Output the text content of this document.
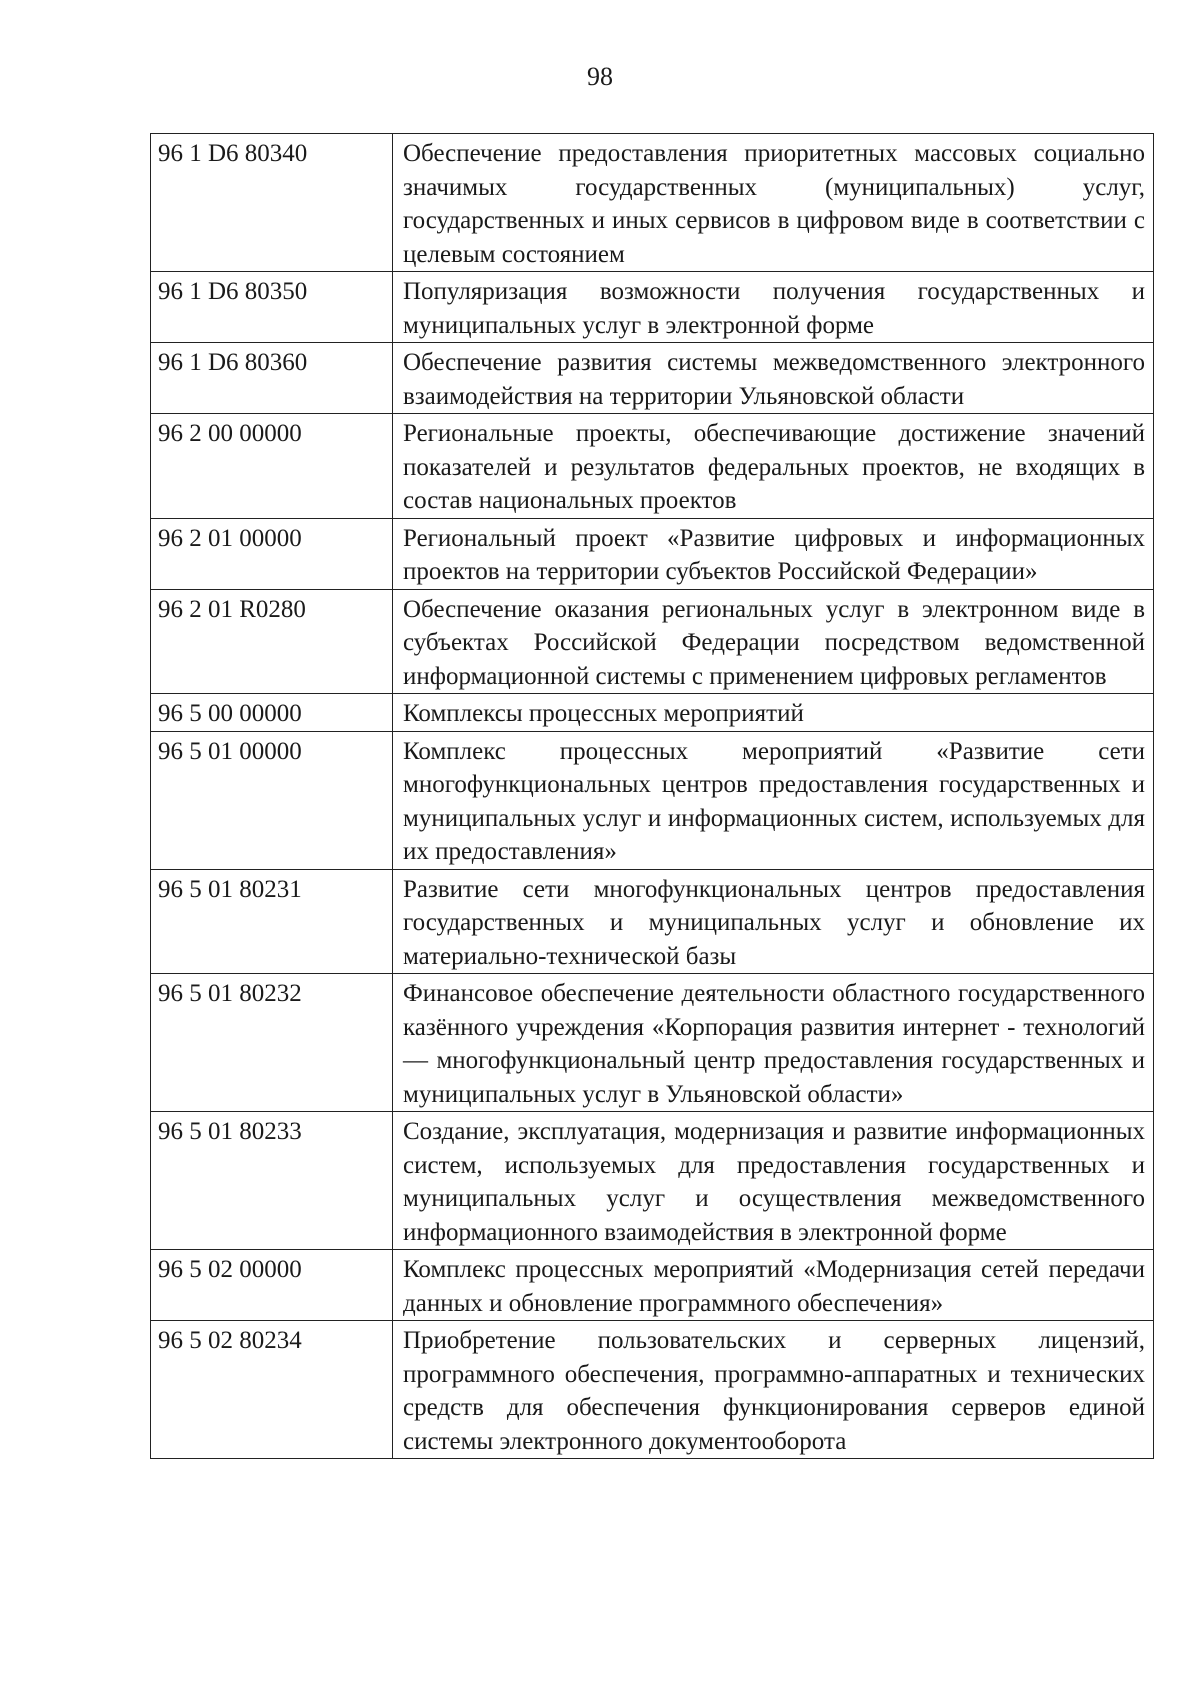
98
96 1 D6 80340	Обеспечение предоставления приоритетных массовых социально значимых государственных (муниципальных) услуг, государственных и иных сервисов в цифровом виде в соответствии с целевым состоянием
96 1 D6 80350	Популяризация возможности получения государственных и муниципальных услуг в электронной форме
96 1 D6 80360	Обеспечение развития системы межведомственного электронного взаимодействия на территории Ульяновской области
96 2 00 00000	Региональные проекты, обеспечивающие достижение значений показателей и результатов федеральных проектов, не входящих в состав национальных проектов
96 2 01 00000	Региональный проект «Развитие цифровых и информационных проектов на территории субъектов Российской Федерации»
96 2 01 R0280	Обеспечение оказания региональных услуг в электронном виде в субъектах Российской Федерации посредством ведомственной информационной системы с применением цифровых регламентов
96 5 00 00000	Комплексы процессных мероприятий
96 5 01 00000	Комплекс процессных мероприятий «Развитие сети многофункциональных центров предоставления государственных и муниципальных услуг и информационных систем, используемых для их предоставления»
96 5 01 80231	Развитие сети многофункциональных центров предоставления государственных и муниципальных услуг и обновление их материально-технической базы
96 5 01 80232	Финансовое обеспечение деятельности областного государственного казённого учреждения «Корпорация развития интернет - технологий — многофункциональный центр предоставления государственных и муниципальных услуг в Ульяновской области»
96 5 01 80233	Создание, эксплуатация, модернизация и развитие информационных систем, используемых для предоставления государственных и муниципальных услуг и осуществления межведомственного информационного взаимодействия в электронной форме
96 5 02 00000	Комплекс процессных мероприятий «Модернизация сетей передачи данных и обновление программного обеспечения»
96 5 02 80234	Приобретение пользовательских и серверных лицензий, программного обеспечения, программно-аппаратных и технических средств для обеспечения функционирования серверов единой системы электронного документооборота
